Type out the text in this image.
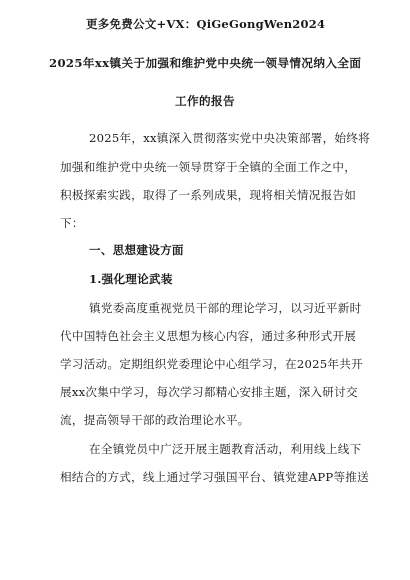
更多免费公文+VX：QiGeGongWen2024
2025年xx镇关于加强和维护党中央统一领导情况纳入全面
工作的报告
2025年，xx镇深入贯彻落实党中央决策部署，始终将
加强和维护党中央统一领导贯穿于全镇的全面工作之中，
积极探索实践，取得了一系列成果，现将相关情况报告如
下：
一、思想建设方面
1.强化理论武装
镇党委高度重视党员干部的理论学习，以习近平新时
代中国特色社会主义思想为核心内容，通过多种形式开展
学习活动。定期组织党委理论中心组学习，在2025年共开
展xx次集中学习，每次学习都精心安排主题，深入研讨交
流，提高领导干部的政治理论水平。
在全镇党员中广泛开展主题教育活动，利用线上线下
相结合的方式，线上通过学习强国平台、镇党建APP等推送
